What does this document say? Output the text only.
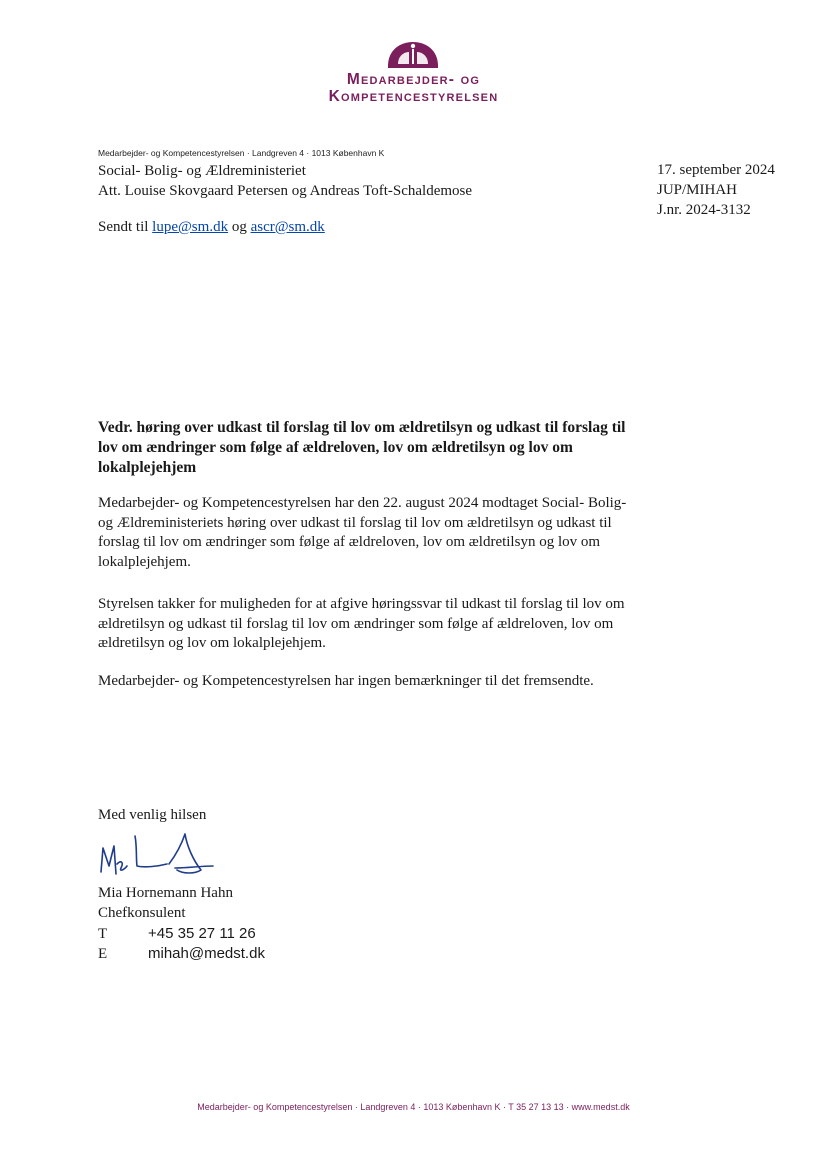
Medarbejder- og
Kompetencestyrelsen
Medarbejder- og Kompetencestyrelsen · Landgreven 4 · 1013 København K
Social- Bolig- og Ældreministeriet
Att. Louise Skovgaard Petersen og Andreas Toft-Schaldemose
Sendt til lupe@sm.dk og ascr@sm.dk
17. september 2024
JUP/MIHAH
J.nr. 2024-3132

Vedr. høring over udkast til forslag til lov om ældretilsyn og udkast til forslag til lov om ændringer som følge af ældreloven, lov om ældretilsyn og lov om lokalplejehjem

Medarbejder- og Kompetencestyrelsen har den 22. august 2024 modtaget Social- Bolig- og Ældreministeriets høring over udkast til forslag til lov om ældretilsyn og udkast til forslag til lov om ændringer som følge af ældreloven, lov om ældretilsyn og lov om lokalplejehjem.

Styrelsen takker for muligheden for at afgive høringssvar til udkast til forslag til lov om ældretilsyn og udkast til forslag til lov om ændringer som følge af ældreloven, lov om ældretilsyn og lov om lokalplejehjem.

Medarbejder- og Kompetencestyrelsen har ingen bemærkninger til det fremsendte.

Med venlig hilsen
Mia Hornemann Hahn
Chefkonsulent
T	+45 35 27 11 26
E	mihah@medst.dk
Medarbejder- og Kompetencestyrelsen · Landgreven 4 · 1013 København K · T 35 27 13 13 · www.medst.dk
